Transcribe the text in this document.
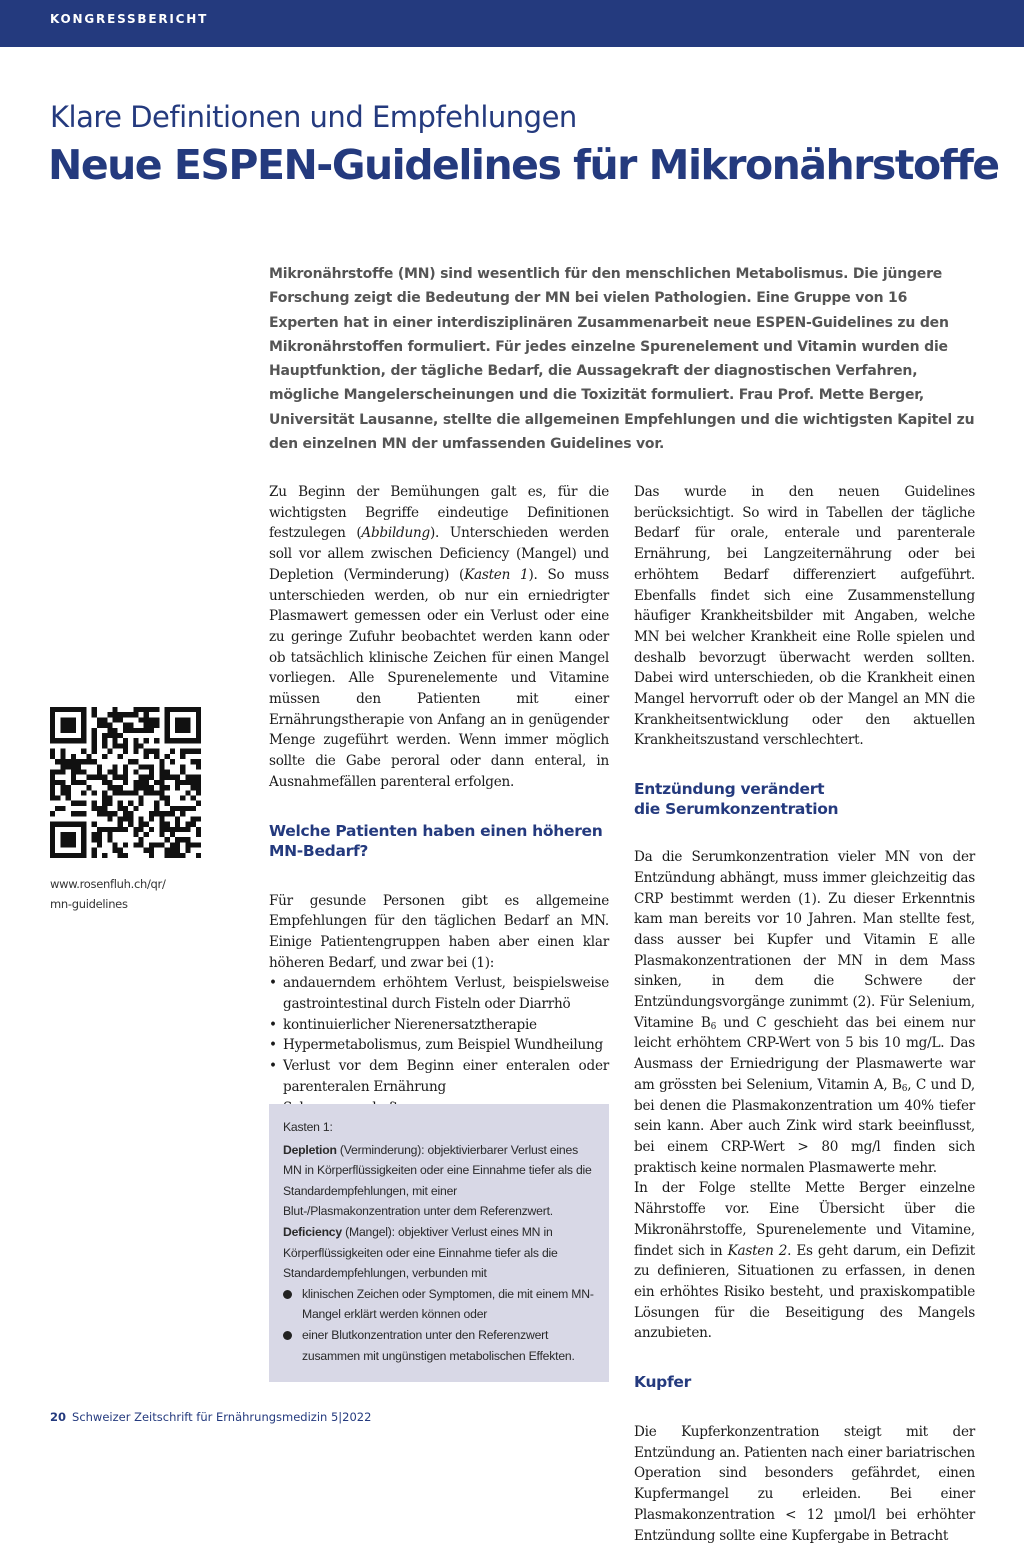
KONGRESSBERICHT
Klare Definitionen und Empfehlungen
Neue ESPEN-Guidelines für Mikronährstoffe

Mikronährstoffe (MN) sind wesentlich für den menschlichen Metabolismus. Die jüngere Forschung zeigt die Bedeutung der MN bei vielen Pathologien. Eine Gruppe von 16 Experten hat in einer interdisziplinären Zusammenarbeit neue ESPEN-Guidelines zu den Mikronährstoffen formuliert. Für jedes einzelne Spurenelement und Vitamin wurden die Hauptfunktion, der tägliche Bedarf, die Aussagekraft der diagnostischen Verfahren, mögliche Mangelerscheinungen und die Toxizität formuliert. Frau Prof. Mette Berger, Universität Lausanne, stellte die allgemeinen Empfehlungen und die wichtigsten Kapitel zu den einzelnen MN der umfassenden Guidelines vor.

Zu Beginn der Bemühungen galt es, für die wichtigsten Begriffe eindeutige Definitionen festzulegen (Abbildung). Unterschieden werden soll vor allem zwischen Deficiency (Mangel) und Depletion (Verminderung) (Kasten 1). So muss unterschieden werden, ob nur ein erniedrigter Plasmawert gemessen oder ein Verlust oder eine zu geringe Zufuhr beobachtet werden kann oder ob tatsächlich klinische Zeichen für einen Mangel vorliegen. Alle Spurenelemente und Vitamine müssen den Patienten mit einer Ernährungstherapie von Anfang an in genügender Menge zugeführt werden. Wenn immer möglich sollte die Gabe peroral oder dann enteral, in Ausnahmefällen parenteral erfolgen.

Welche Patienten haben einen höheren MN-Bedarf?

Für gesunde Personen gibt es allgemeine Empfehlungen für den täglichen Bedarf an MN. Einige Patientengruppen haben aber einen klar höheren Bedarf, und zwar bei (1):

• andauerndem erhöhtem Verlust, beispielsweise gastrointestinal durch Fisteln oder Diarrhö
• kontinuierlicher Nierenersatztherapie
• Hypermetabolismus, zum Beispiel Wundheilung
• Verlust vor dem Beginn einer enteralen oder parenteralen Ernährung
•

Kasten 1:

Depletion (Verminderung): objektivierbarer Verlust eines MN in Körperflüssigkeiten oder eine Einnahme tiefer als die Standardempfehlungen, mit einer Blut-/Plasmakonzentration unter dem Referenzwert.

Deficiency (Mangel): objektiver Verlust eines MN in Körperflüssigkeiten oder eine Einnahme tiefer als die Standardempfehlungen, verbunden mit

klinischen Zeichen oder Symptomen, die mit einem MN-Mangel erklärt werden können oder
einer Blutkonzentration unter den Referenzwert zusammen mit ungünstigen metabolischen Effekten.

Das wurde in den neuen Guidelines berücksichtigt. So wird in Tabellen der tägliche Bedarf für orale, enterale und parenterale Ernährung, bei Langzeiternährung oder bei erhöhtem Bedarf differenziert aufgeführt. Ebenfalls findet sich eine Zusammenstellung häufiger Krankheitsbilder mit Angaben, welche MN bei welcher Krankheit eine Rolle spielen und deshalb bevorzugt überwacht werden sollten. Dabei wird unterschieden, ob die Krankheit einen Mangel hervorruft oder ob der Mangel an MN die Krankheitsentwicklung oder den aktuellen Krankheitszustand verschlechtert.

Entzündung verändert
die Serumkonzentration

Da die Serumkonzentration vieler MN von der Entzündung abhängt, muss immer gleichzeitig das CRP bestimmt werden (1). Zu dieser Erkenntnis kam man bereits vor 10 Jahren. Man stellte fest, dass ausser bei Kupfer und Vitamin E alle Plasmakonzentrationen der MN in dem Mass sinken, in dem die Schwere der Entzündungsvorgänge zunimmt (2). Für Selenium, Vitamine $B_6$ und C geschieht das bei einem nur leicht erhöhtem CRP-Wert von 5 bis 10 mg/L. Das Ausmass der Erniedrigung der Plasmawerte war am grössten bei Selenium, Vitamin A, $B_6$, C und D, bei denen die Plasmakonzentration um 40% tiefer sein kann. Aber auch Zink wird stark beeinflusst, bei einem CRP-Wert > 80 mg/l finden sich praktisch keine normalen Plasmawerte mehr.

In der Folge stellte Mette Berger einzelne Nährstoffe vor. Eine Übersicht über die Mikronährstoffe, Spurenelemente und Vitamine, findet sich in Kasten 2. Es geht darum, ein Defizit zu definieren, Situationen zu erfassen, in denen ein erhöhtes Risiko besteht, und praxiskompatible Lösungen für die Beseitigung des Mangels anzubieten.

Kupfer

Die Kupferkonzentration steigt mit der Entzündung an. Patienten nach einer bariatrischen Operation sind besonders gefährdet, einen Kupfermangel zu erleiden. Bei einer Plasmakonzentration < 12 µmol/l bei erhöhter Entzündung sollte eine Kupfergabe in Betracht

www.rosenfluh.ch/qr/
mn-guidelines
20 Schweizer Zeitschrift für Ernährungsmedizin 5|2022
